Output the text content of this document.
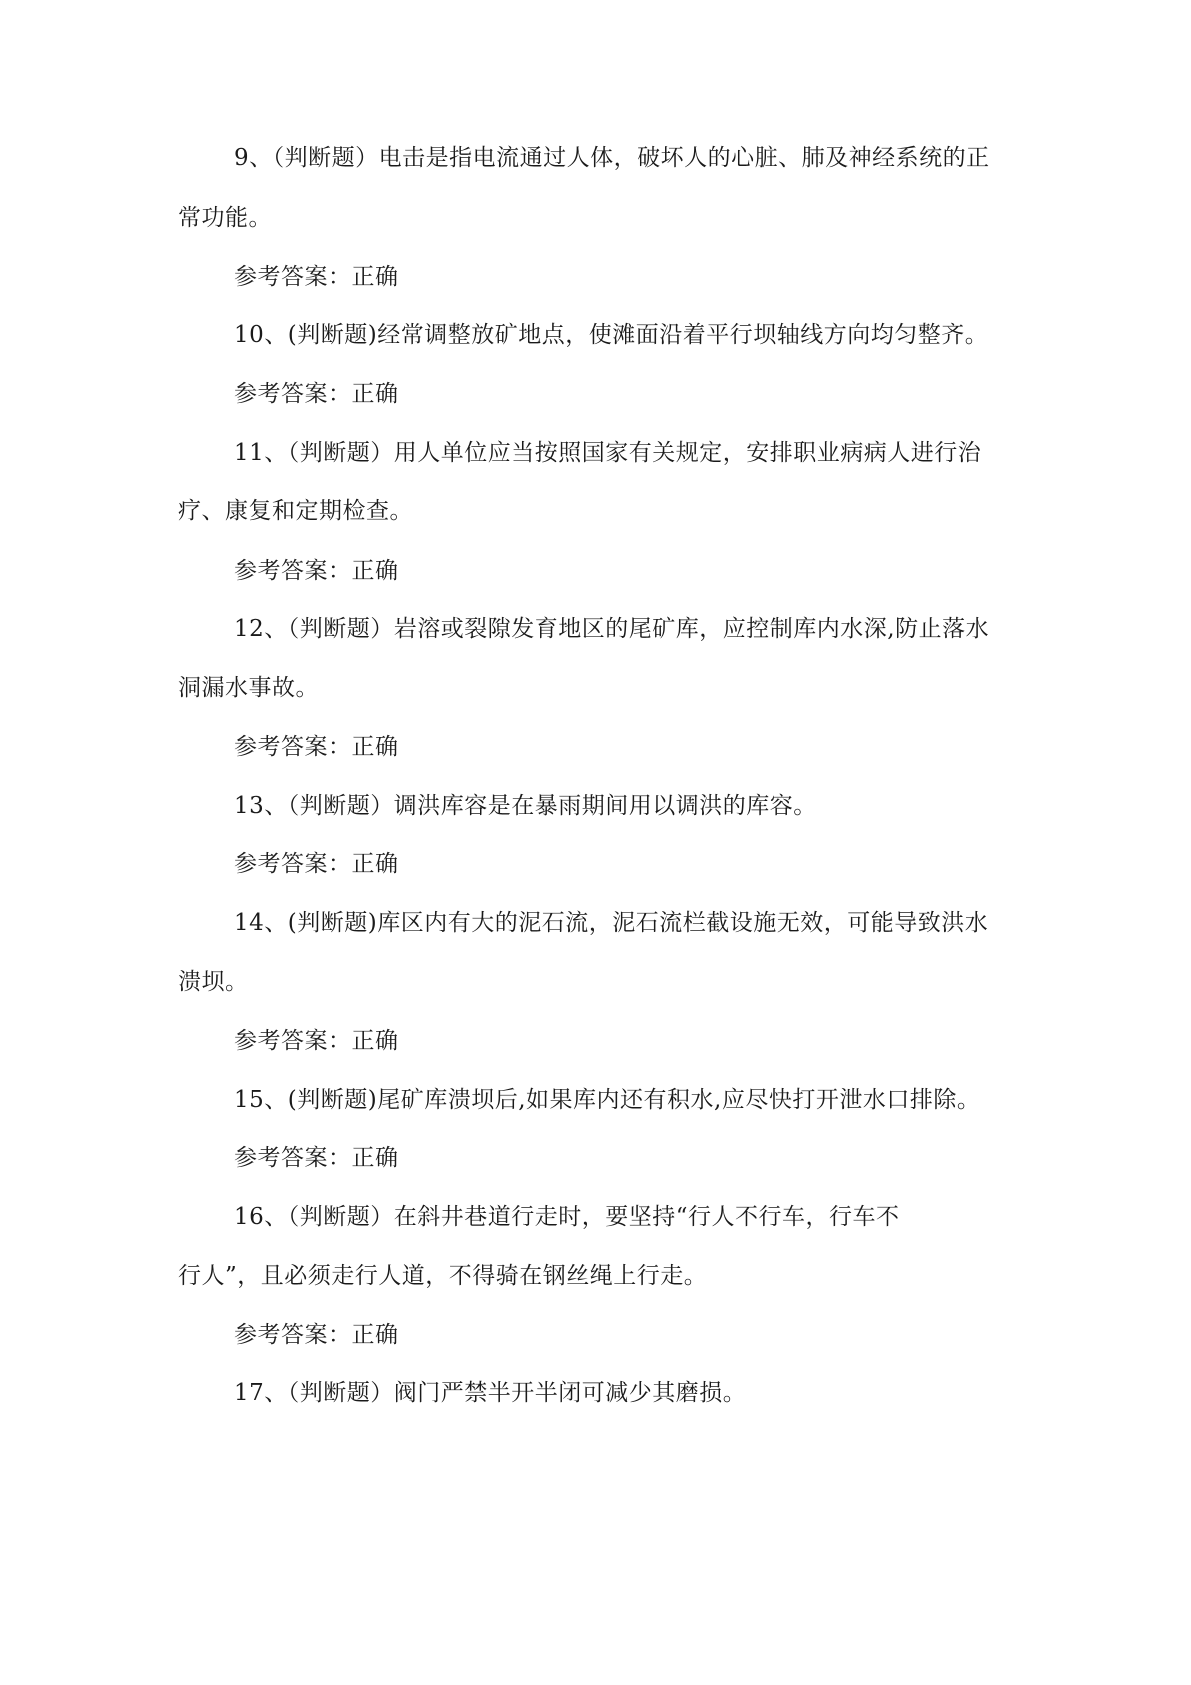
9、（判断题）电击是指电流通过人体，破坏人的心脏、肺及神经系统的正
常功能。
参考答案：正确
10、(判断题)经常调整放矿地点，使滩面沿着平行坝轴线方向均匀整齐。
参考答案：正确
11、（判断题）用人单位应当按照国家有关规定，安排职业病病人进行治
疗、康复和定期检查。
参考答案：正确
12、（判断题）岩溶或裂隙发育地区的尾矿库，应控制库内水深,防止落水
洞漏水事故。
参考答案：正确
13、（判断题）调洪库容是在暴雨期间用以调洪的库容。
参考答案：正确
14、(判断题)库区内有大的泥石流，泥石流栏截设施无效，可能导致洪水
溃坝。
参考答案：正确
15、(判断题)尾矿库溃坝后,如果库内还有积水,应尽快打开泄水口排除。
参考答案：正确
16、（判断题）在斜井巷道行走时，要坚持“行人不行车，行车不
行人”，且必须走行人道，不得骑在钢丝绳上行走。
参考答案：正确
17、（判断题）阀门严禁半开半闭可减少其磨损。
